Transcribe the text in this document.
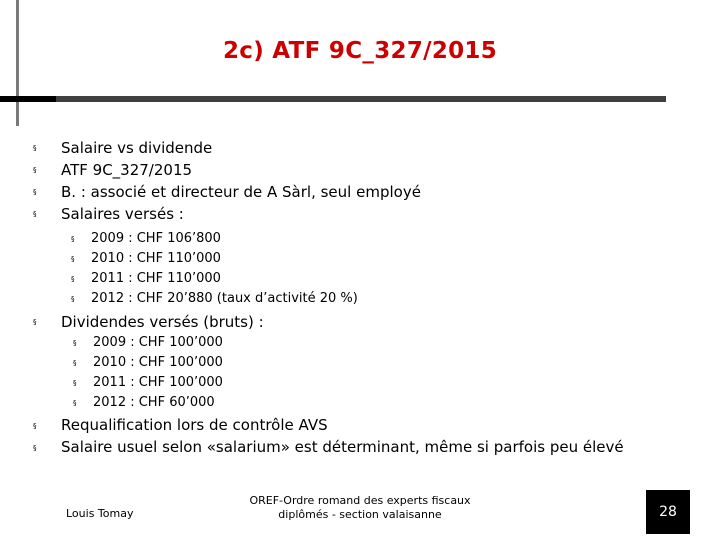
2c) ATF 9C_327/2015
§ Salaire vs dividende
§ ATF 9C_327/2015
§ B. : associé et directeur de A Sàrl, seul employé
§ Salaires versés :
§ 2009 : CHF 106’800
§ 2010 : CHF 110’000
§ 2011 : CHF 110’000
§ 2012 : CHF 20’880 (taux d’activité 20 %)
§ Dividendes versés (bruts) :
§ 2009 : CHF 100’000
§ 2010 : CHF 100’000
§ 2011 : CHF 100’000
§ 2012 : CHF 60’000
§ Requalification lors de contrôle AVS
§ Salaire usuel selon «salarium» est déterminant, même si parfois peu élevé
Louis Tomay
OREF-Ordre romand des experts fiscaux
diplômés - section valaisanne	28
